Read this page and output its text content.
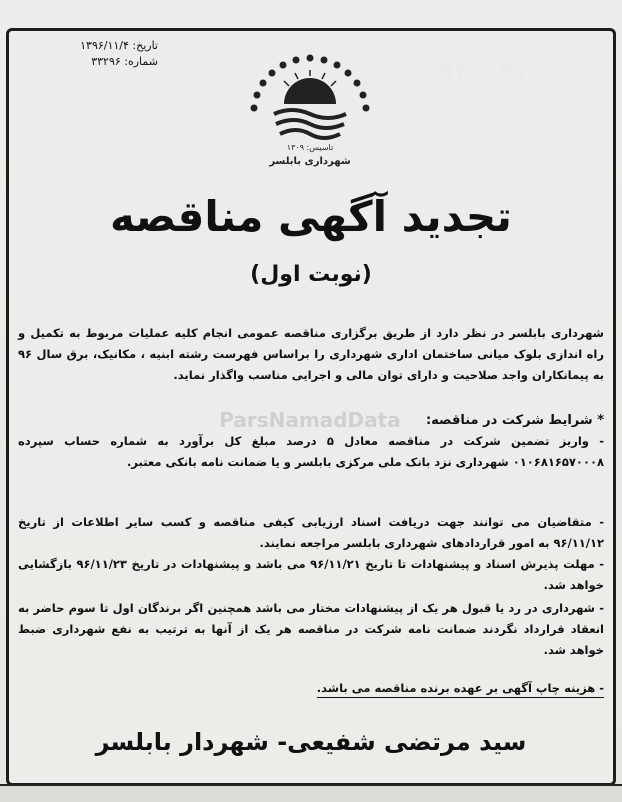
تاریخ: ۱۳۹۶/۱۱/۴
شماره: ۳۳۲۹۶
تاسیس: ۱۳۰۹
شهرداری بابلسر
تجدید آگهی مناقصه
(نوبت اول)
ParsNamadData
شهرداری بابلسر در نظر دارد از طریق برگزاری مناقصه عمومی انجام کلیه عملیات مربوط به تکمیل و راه اندازی بلوک میانی ساختمان اداری شهرداری را براساس فهرست رشته ابنیه ، مکانیک، برق سال ۹۶ به پیمانکاران واجد صلاحیت و دارای توان مالی و اجرایی مناسب واگذار نماید.
* شرایط شرکت در مناقصه:
- واریز تضمین شرکت در مناقصه معادل ۵ درصد مبلغ کل برآورد به شماره حساب سپرده ۰۱۰۶۸۱۶۵۷۰۰۰۸ شهرداری نزد بانک ملی مرکزی بابلسر و یا ضمانت نامه بانکی معتبر.
- متقاضیان می توانند جهت دریافت اسناد ارزیابی کیفی مناقصه و کسب سایر اطلاعات از تاریخ ۹۶/۱۱/۱۲ به امور قراردادهای شهرداری بابلسر مراجعه نمایند.
- مهلت پذیرش اسناد و پیشنهادات تا تاریخ ۹۶/۱۱/۲۱ می باشد و پیشنهادات در تاریخ ۹۶/۱۱/۲۳ بازگشایی خواهد شد.
- شهرداری در رد یا قبول هر یک از پیشنهادات مختار می باشد همچنین اگر برندگان اول تا سوم حاضر به انعقاد قرارداد نگردند ضمانت نامه شرکت در مناقصه هر یک از آنها به ترتیب به نفع شهرداری ضبط خواهد شد.
- هزینه چاپ آگهی بر عهده برنده مناقصه می باشد.
سید مرتضی شفیعی- شهردار بابلسر
